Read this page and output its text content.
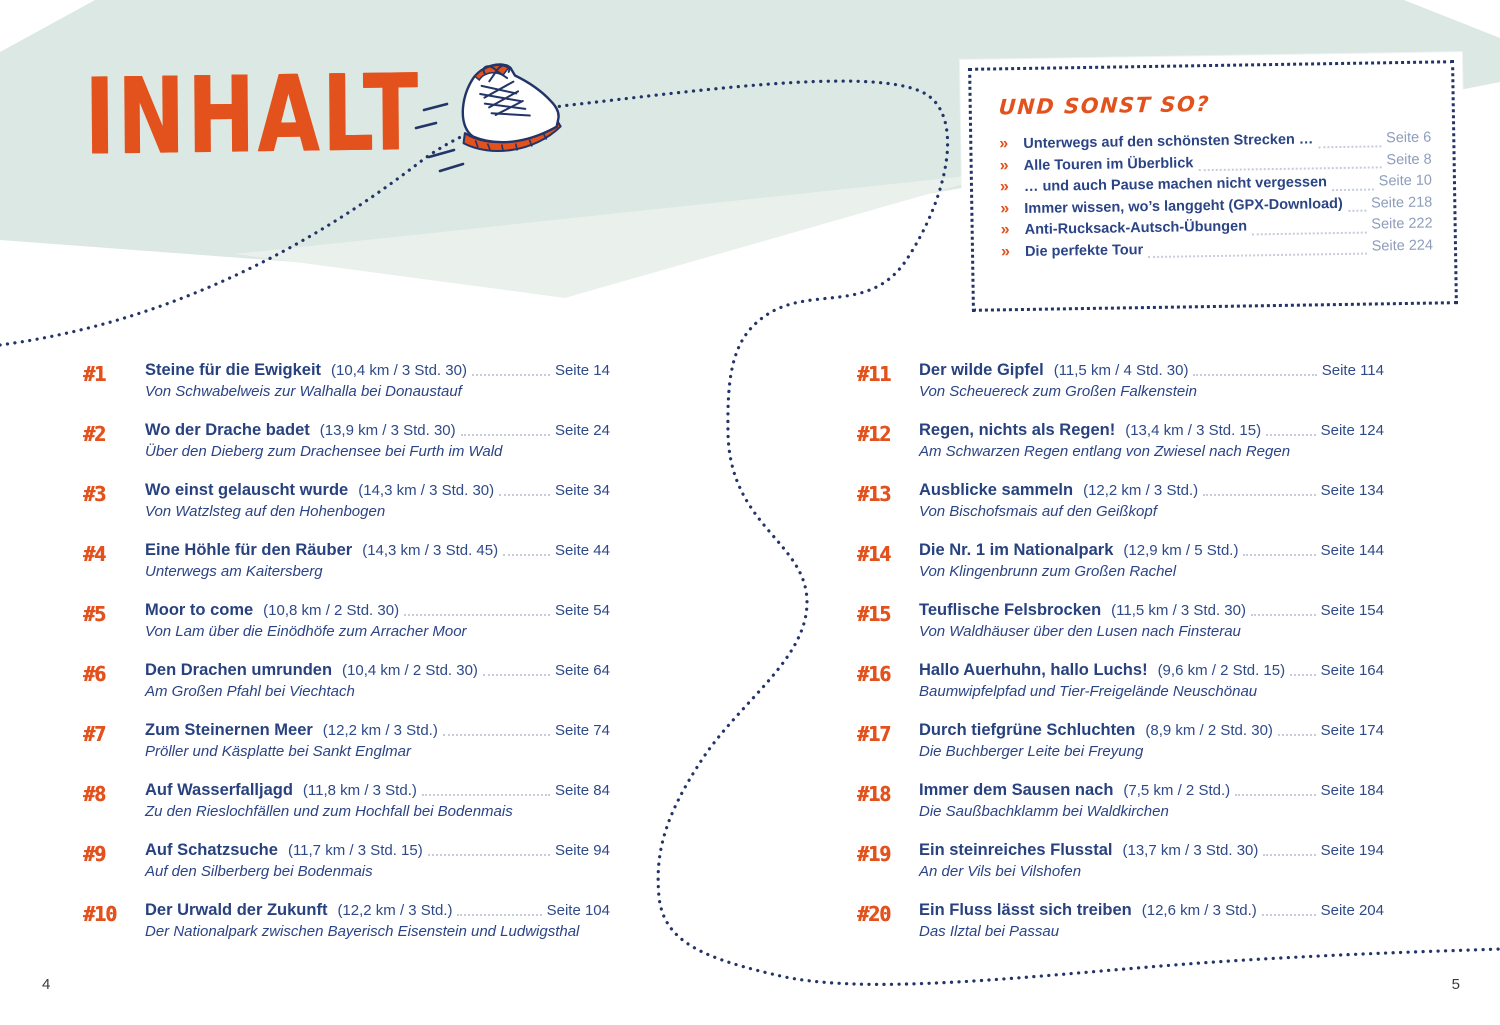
INHALT	UND SONST SO?
»	Unterwegs auf den schönsten Strecken …	Seite 6
»	Alle Touren im Überblick	Seite 8
»	… und auch Pause machen nicht vergessen	Seite 10
»	Immer wissen, wo’s langgeht (GPX-Download) Seite 218
»	Anti-Rucksack-Autsch-Übungen	Seite 222
»	Die perfekte Tour	Seite 224
#1	Steine für die Ewigkeit (10,4 km / 3 Std. 30)	Seite 14
Von Schwabelweis zur Walhalla bei Donaustauf
#2	Wo der Drache badet (13,9 km / 3 Std. 30)	Seite 24
Über den Dieberg zum Drachensee bei Furth im Wald
#3	Wo einst gelauscht wurde (14,3 km / 3 Std. 30)	Seite 34
Von Watzlsteg auf den Hohenbogen
#4	Eine Höhle für den Räuber (14,3 km / 3 Std. 45)	Seite 44
Unterwegs am Kaitersberg
#5	Moor to come (10,8 km / 2 Std. 30)	Seite 54
Von Lam über die Einödhöfe zum Arracher Moor
#6	Den Drachen umrunden (10,4 km / 2 Std. 30)	Seite 64
Am Großen Pfahl bei Viechtach
#7	Zum Steinernen Meer (12,2 km / 3 Std.)	Seite 74
Pröller und Käsplatte bei Sankt Englmar
#8	Auf Wasserfalljagd (11,8 km / 3 Std.)	Seite 84
Zu den Rieslochfällen und zum Hochfall bei Bodenmais
#9	Auf Schatzsuche (11,7 km / 3 Std. 15)	Seite 94
Auf den Silberberg bei Bodenmais
#10	Der Urwald der Zukunft (12,2 km / 3 Std.)	Seite 104
Der Nationalpark zwischen Bayerisch Eisenstein und Ludwigsthal
#11	Der wilde Gipfel (11,5 km / 4 Std. 30)	Seite 114
Von Scheuereck zum Großen Falkenstein
#12	Regen, nichts als Regen! (13,4 km / 3 Std. 15)	Seite 124
Am Schwarzen Regen entlang von Zwiesel nach Regen
#13	Ausblicke sammeln (12,2 km / 3 Std.)	Seite 134
Von Bischofsmais auf den Geißkopf
#14	Die Nr. 1 im Nationalpark (12,9 km / 5 Std.)	Seite 144
Von Klingenbrunn zum Großen Rachel
#15	Teuflische Felsbrocken (11,5 km / 3 Std. 30)	Seite 154
Von Waldhäuser über den Lusen nach Finsterau
#16	Hallo Auerhuhn, hallo Luchs! (9,6 km / 2 Std. 15) Seite 164
Baumwipfelpfad und Tier-Freigelände Neuschönau
#17	Durch tiefgrüne Schluchten (8,9 km / 2 Std. 30)	Seite 174
Die Buchberger Leite bei Freyung
#18	Immer dem Sausen nach (7,5 km / 2 Std.)	Seite 184
Die Saußbachklamm bei Waldkirchen
#19	Ein steinreiches Flusstal (13,7 km / 3 Std. 30)	Seite 194
An der Vils bei Vilshofen
#20	Ein Fluss lässt sich treiben (12,6 km / 3 Std.)	Seite 204
Das Ilztal bei Passau
4	5
